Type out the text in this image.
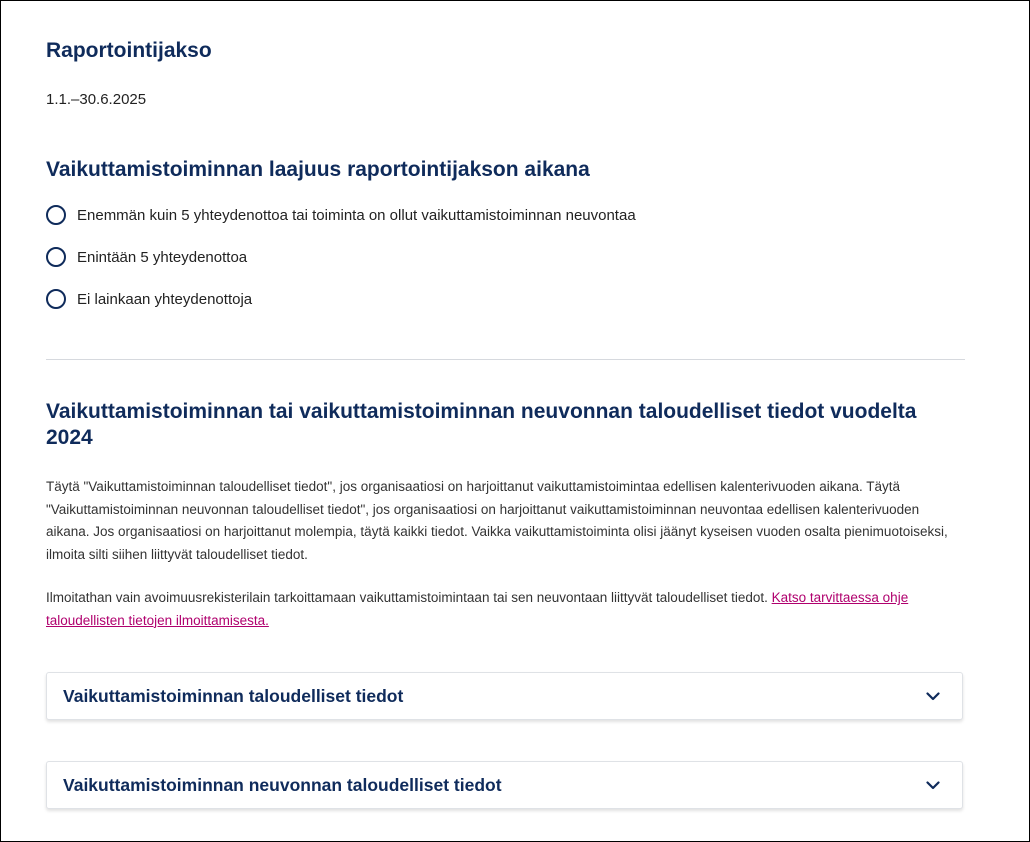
Raportointijakso
1.1.–30.6.2025
Vaikuttamistoiminnan laajuus raportointijakson aikana
Enemmän kuin 5 yhteydenottoa tai toiminta on ollut vaikuttamistoiminnan neuvontaa
Enintään 5 yhteydenottoa
Ei lainkaan yhteydenottoja
Vaikuttamistoiminnan tai vaikuttamistoiminnan neuvonnan taloudelliset tiedot vuodelta 2024

Täytä "Vaikuttamistoiminnan taloudelliset tiedot", jos organisaatiosi on harjoittanut vaikuttamistoimintaa edellisen kalenterivuoden aikana. Täytä "Vaikuttamistoiminnan neuvonnan taloudelliset tiedot", jos organisaatiosi on harjoittanut vaikuttamistoiminnan neuvontaa edellisen kalenterivuoden aikana. Jos organisaatiosi on harjoittanut molempia, täytä kaikki tiedot. Vaikka vaikuttamistoiminta olisi jäänyt kyseisen vuoden osalta pienimuotoiseksi, ilmoita silti siihen liittyvät taloudelliset tiedot.

Ilmoitathan vain avoimuusrekisterilain tarkoittamaan vaikuttamistoimintaan tai sen neuvontaan liittyvät taloudelliset tiedot. Katso tarvittaessa ohje taloudellisten tietojen ilmoittamisesta.

Vaikuttamistoiminnan taloudelliset tiedot
Vaikuttamistoiminnan neuvonnan taloudelliset tiedot
